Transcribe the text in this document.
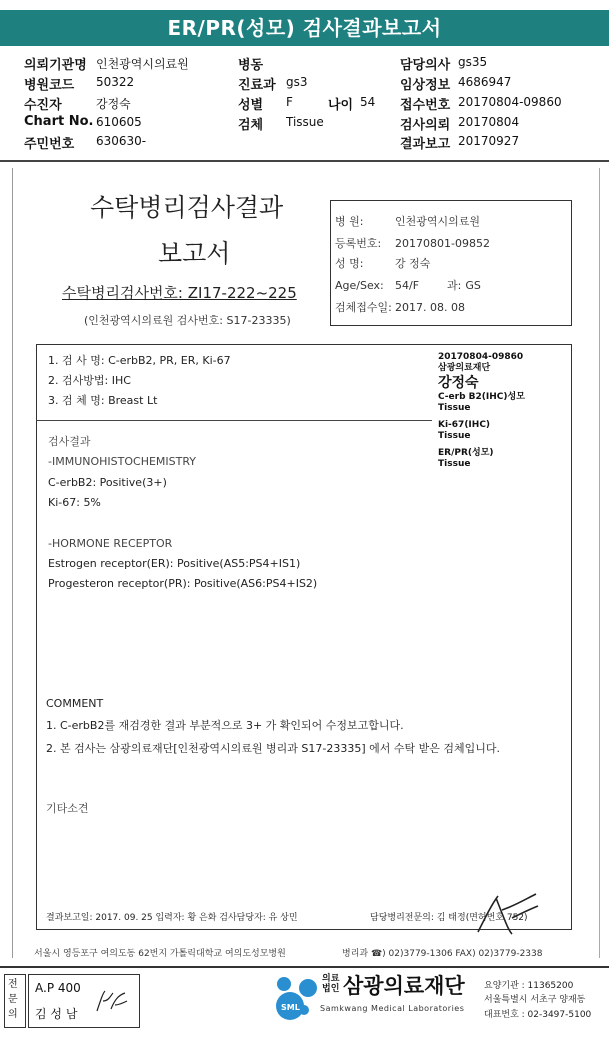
ER/PR(성모) 검사결과보고서
의뢰기관명 인천광역시의료원	병동	담당의사 gs35
병원코드 50322	진료과 gs3	임상정보 4686947
수진자	강정숙	성별 F	나이 54 접수번호 20170804-09860
Chart No. 610605	검체 Tissue	검사의뢰 20170804
주민번호 630630-	결과보고 20170927
수탁병리검사결과
보고서
수탁병리검사번호: ZI17-222~225
(인천광역시의료원 검사번호: S17-23335)
병 원:	인천광역시의료원
등록번호: 20170801-09852
성 명:	강 정숙
Age/Sex: 54/F	과: GS
검체접수일: 2017. 08. 08
1. 검 사 명: C-erbB2, PR, ER, Ki-67
2. 검사방법: IHC
3. 검 체 명: Breast Lt
20170804-09860
삼광의료재단
강정숙
C-erb B2(IHC)성모
Tissue
Ki-67(IHC)
Tissue
ER/PR(성모)
Tissue
검사결과
-IMMUNOHISTOCHEMISTRY
C-erbB2: Positive(3+)
Ki-67: 5%
-HORMONE RECEPTOR
Estrogen receptor(ER): Positive(AS5:PS4+IS1)
Progesteron receptor(PR): Positive(AS6:PS4+IS2)
COMMENT
1. C-erbB2를 재검경한 결과 부분적으로 3+ 가 확인되어 수정보고합니다.
2. 본 검사는 삼광의료재단[인천광역시의료원 병리과 S17-23335] 에서 수탁 받은 검체입니다.
기타소견
결과보고일: 2017. 09. 25 입력자: 황 은화 검사담당자: 유 상민	담당병리전문의: 김 태정(면허번호 752)
서울시 영등포구 여의도동 62번지 가톨릭대학교 여의도성모병원	병리과 ☎) 02)3779-1306 FAX) 02)3779-2338
전
문
의
A.P 400
김 성 남	SML
의료
법인 삼광의료재단
Samkwang Medical Laboratories
요양기관 : 11365200
서울특별시 서초구 양재동
대표번호 : 02-3497-5100
